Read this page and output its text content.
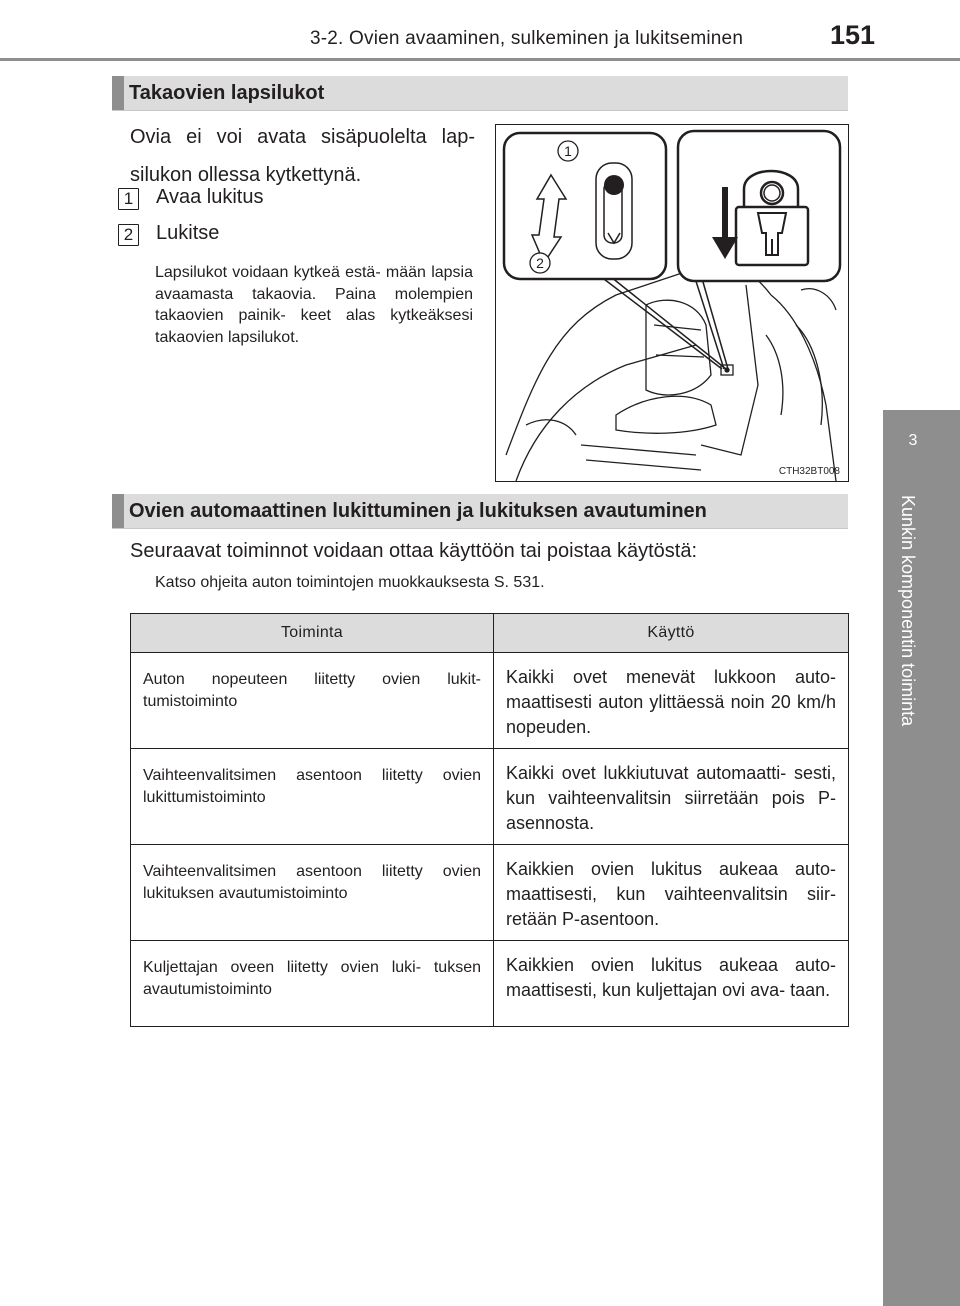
3-2. Ovien avaaminen, sulkeminen ja lukitseminen	151
3
Kunkin komponentin toiminta
Takaovien lapsilukot
Ovia ei voi avata sisäpuolelta lap- silukon ollessa kytkettynä.
1 Avaa lukitus
2 Lukitse
Lapsilukot voidaan kytkeä estä- mään lapsia avaamasta takaovia. Paina molempien takaovien painik- keet alas kytkeäksesi takaovien lapsilukot.
1
2
CTH32BT008
Ovien automaattinen lukittuminen ja lukituksen avautuminen
Seuraavat toiminnot voidaan ottaa käyttöön tai poistaa käytöstä:
Katso ohjeita auton toimintojen muokkauksesta S. 531.
Toiminta	Käyttö
Auton nopeuteen liitetty ovien lukit- tumistoiminto	Kaikki ovet menevät lukkoon auto- maattisesti auton ylittäessä noin 20 km/h nopeuden.
Vaihteenvalitsimen asentoon liitetty ovien lukittumistoiminto	Kaikki ovet lukkiutuvat automaatti- sesti, kun vaihteenvalitsin siirretään pois P-asennosta.
Vaihteenvalitsimen asentoon liitetty ovien lukituksen avautumistoiminto	Kaikkien ovien lukitus aukeaa auto- maattisesti, kun vaihteenvalitsin siir- retään P-asentoon.
Kuljettajan oveen liitetty ovien luki- tuksen avautumistoiminto	Kaikkien ovien lukitus aukeaa auto- maattisesti, kun kuljettajan ovi ava- taan.
